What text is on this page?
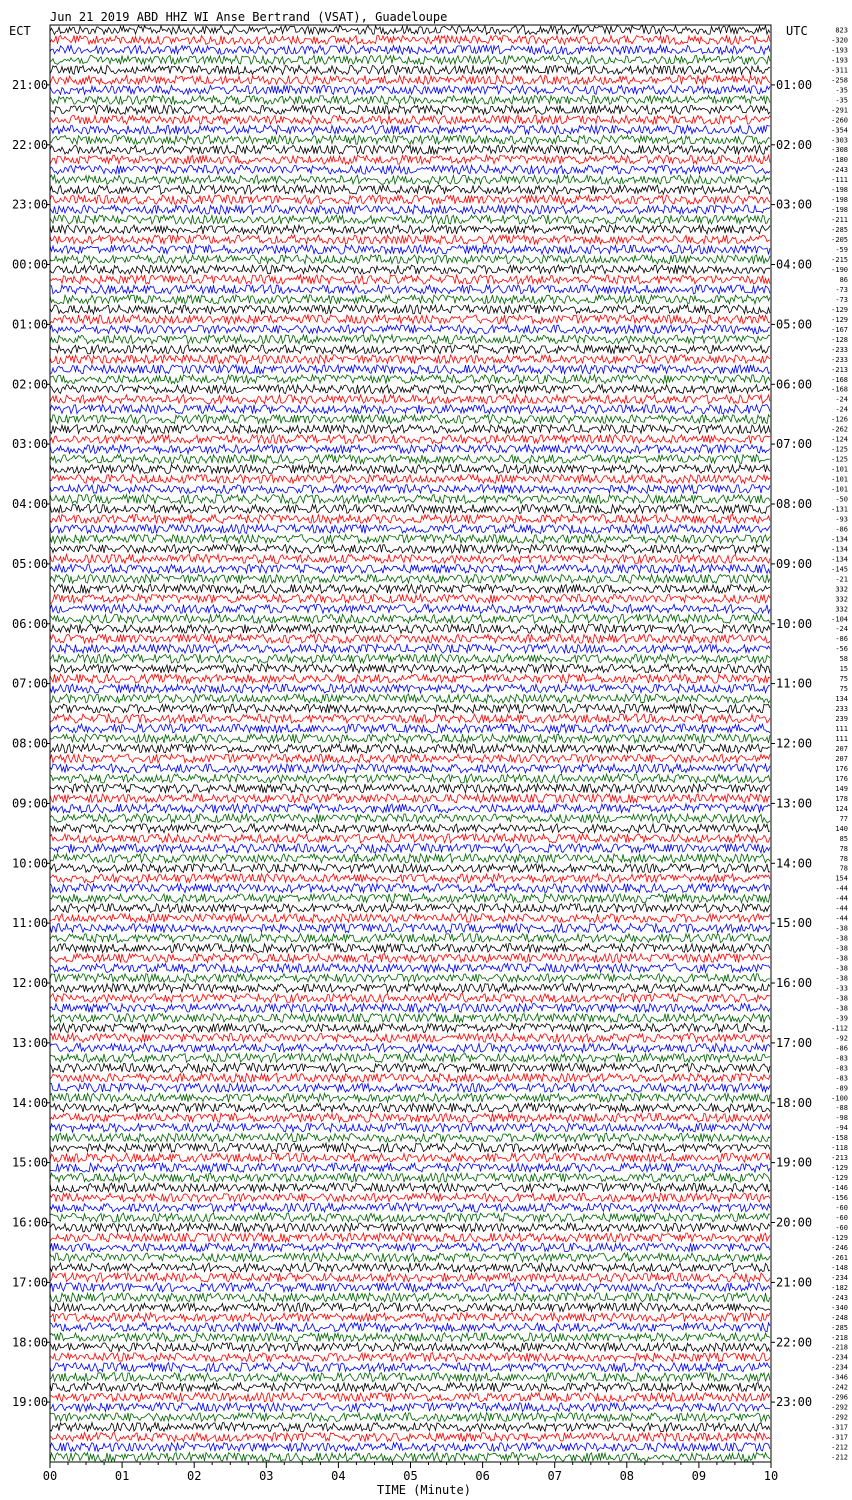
Jun 21 2019 ABD HHZ WI Anse Bertrand (VSAT), Guadeloupe
ECT	UTC
21:00
22:00
23:00
00:00
01:00
02:00
03:00
04:00
05:00
06:00
07:00
08:00
09:00
10:00
11:00
12:00
13:00
14:00
15:00
16:00
17:00
18:00
19:00
01:00
02:00
03:00
04:00
05:00
06:00
07:00
08:00
09:00
10:00
11:00
12:00
13:00
14:00
15:00
16:00
17:00
18:00
19:00
20:00
21:00
22:00
23:00
823
-320
-193
-193
-311
-258
-35
-35
-291
-260
-354
-303
-308
-180
-243
-111
-198
-198
-198
-211
-285
-205
-59
-215
-190
86
-73
-73
-129
-129
-167
-128
-233
-233
-213
-168
-168
-24
-24
-126
-262
-124
-125
-125
-101
-101
-101
-50
-131
-93
-86
-134
-134
-134
-145
-21
332
332
332
-104
-24
-86
-56
58
15
75
75
134
233
239
111
111
207
207
176
176
149
178
124
77
140
85
78
78
78
154
-44
-44
-44
-44
-38
-38
-38
-38
-38
-38
-33
-38
-38
-39
-112
-92
-86
-83
-83
-83
-89
-100
-88
-98
-94
-158
-118
-213
-129
-129
-146
-156
-60
-60
-60
-129
-246
-261
-148
-234
-182
-243
-340
-248
-285
-218
-218
-234
-234
-346
-242
-296
-292
-292
-317
-317
-212
-212
00	01	02	03	04	05	06	07	08	09	10
TIME (Minute)
